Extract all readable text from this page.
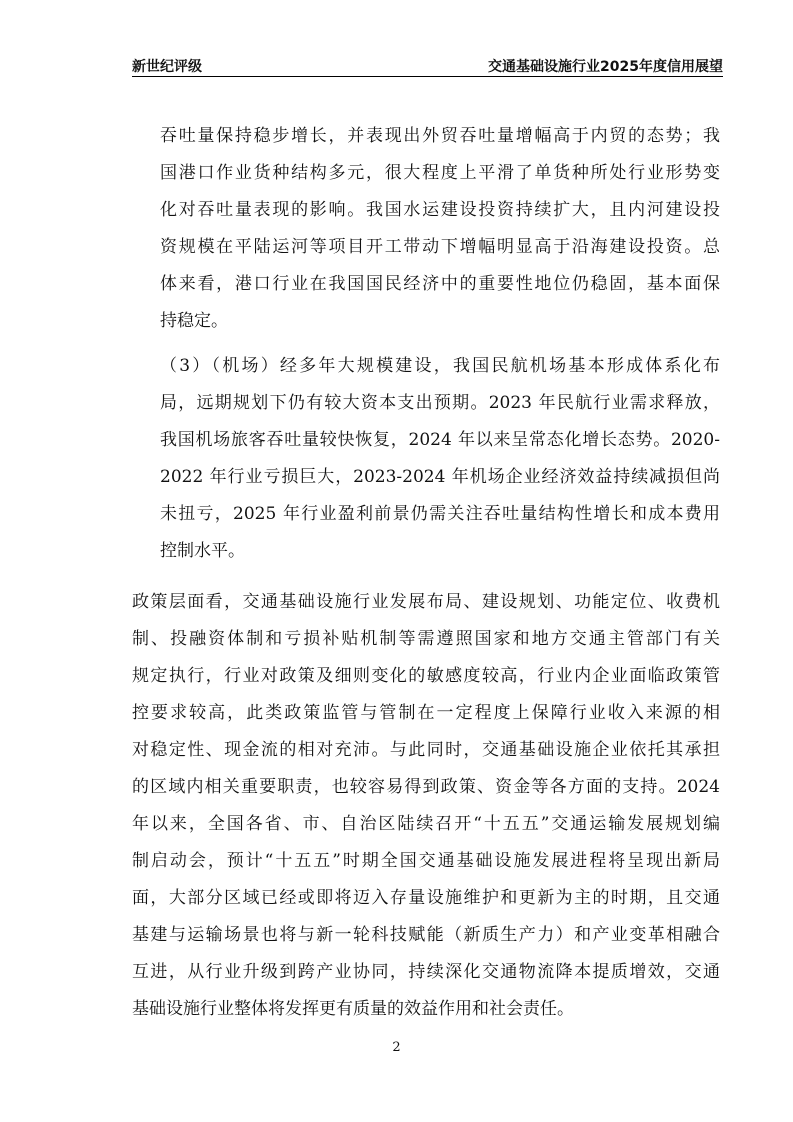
新世纪评级	交通基础设施行业2025年度信用展望
吞吐量保持稳步增长，并表现出外贸吞吐量增幅高于内贸的态势；我
国港口作业货种结构多元，很大程度上平滑了单货种所处行业形势变
化对吞吐量表现的影响。我国水运建设投资持续扩大，且内河建设投
资规模在平陆运河等项目开工带动下增幅明显高于沿海建设投资。总
体来看，港口行业在我国国民经济中的重要性地位仍稳固，基本面保
持稳定。
（3）（机场）经多年大规模建设，我国民航机场基本形成体系化布
局，远期规划下仍有较大资本支出预期。2023 年民航行业需求释放，
我国机场旅客吞吐量较快恢复，2024 年以来呈常态化增长态势。2020-
2022 年行业亏损巨大，2023-2024 年机场企业经济效益持续减损但尚
未扭亏，2025 年行业盈利前景仍需关注吞吐量结构性增长和成本费用
控制水平。
政策层面看，交通基础设施行业发展布局、建设规划、功能定位、收费机
制、投融资体制和亏损补贴机制等需遵照国家和地方交通主管部门有关
规定执行，行业对政策及细则变化的敏感度较高，行业内企业面临政策管
控要求较高，此类政策监管与管制在一定程度上保障行业收入来源的相
对稳定性、现金流的相对充沛。与此同时，交通基础设施企业依托其承担
的区域内相关重要职责，也较容易得到政策、资金等各方面的支持。2024
年以来，全国各省、市、自治区陆续召开“十五五”交通运输发展规划编
制启动会，预计“十五五”时期全国交通基础设施发展进程将呈现出新局
面，大部分区域已经或即将迈入存量设施维护和更新为主的时期，且交通
基建与运输场景也将与新一轮科技赋能（新质生产力）和产业变革相融合
互进，从行业升级到跨产业协同，持续深化交通物流降本提质增效，交通
基础设施行业整体将发挥更有质量的效益作用和社会责任。
2
